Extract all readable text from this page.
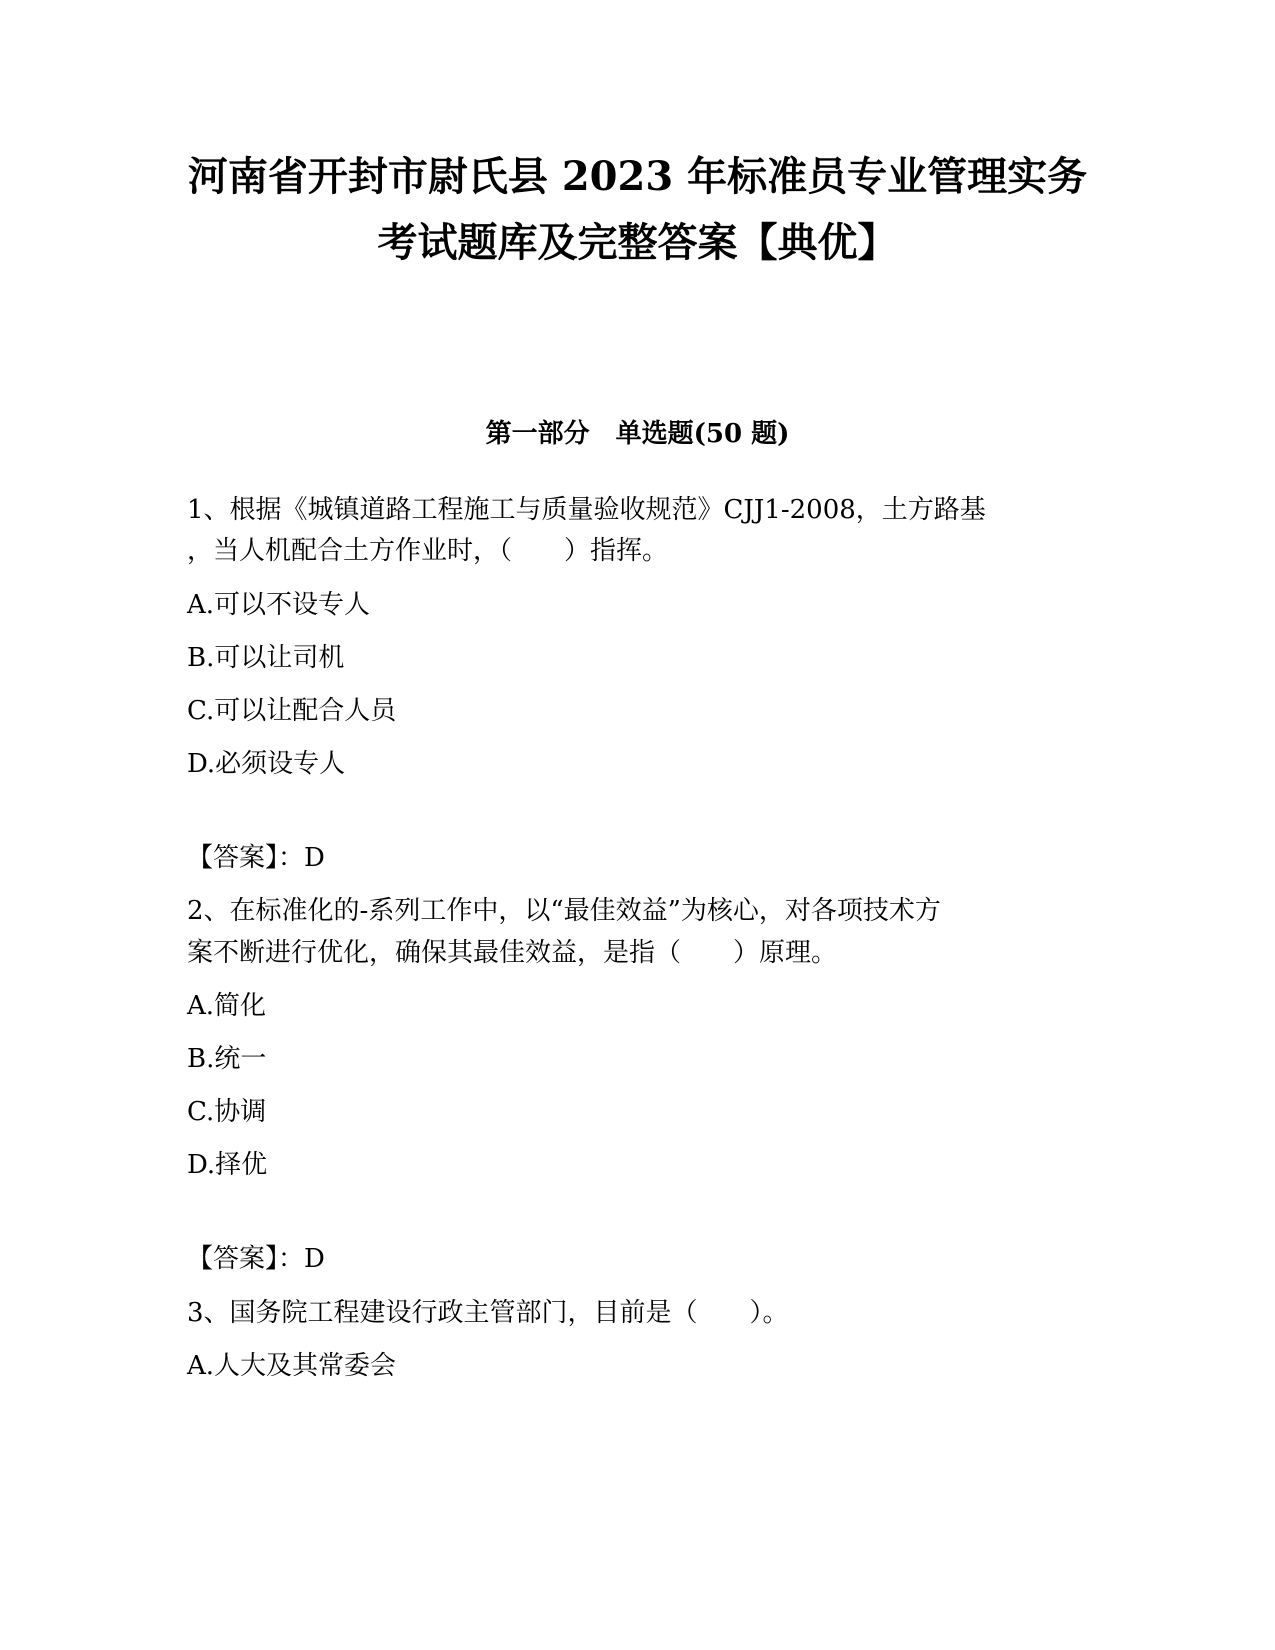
河南省开封市尉氏县 2023 年标准员专业管理实务
考试题库及完整答案【典优】
第一部分　单选题(50 题)

1、根据《城镇道路工程施工与质量验收规范》CJJ1-2008，土方路基

，当人机配合土方作业时，（　　）指挥。

A.可以不设专人

B.可以让司机

C.可以让配合人员

D.必须设专人

【答案】：D

2、在标准化的-系列工作中，以“最佳效益”为核心，对各项技术方

案不断进行优化，确保其最佳效益，是指（　　）原理。

A.简化

B.统一

C.协调

D.择优

【答案】：D

3、国务院工程建设行政主管部门，目前是（　　）。

A.人大及其常委会
